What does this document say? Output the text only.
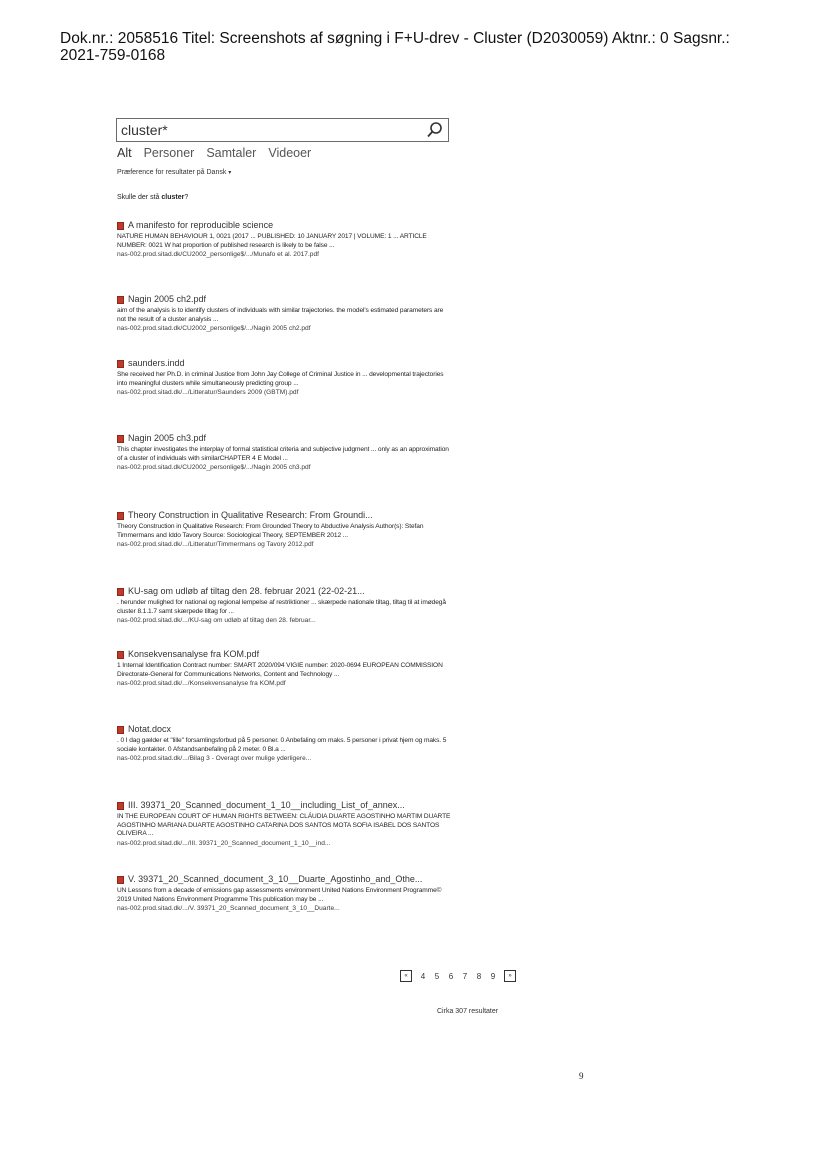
Dok.nr.: 2058516 Titel: Screenshots af søgning i F+U-drev - Cluster (D2030059) Aktnr.: 0 Sagsnr.:
2021-759-0168
cluster*
Alt Personer Samtaler Videoer
Præference for resultater på Dansk ▾
Skulle der stå cluster?
A manifesto for reproducible science
NATURE HUMAN BEHAVIOUR 1, 0021 (2017 ... PUBLISHED: 10 JANUARY 2017 | VOLUME: 1 ... ARTICLE NUMBER: 0021 W hat proportion of published research is likely to be false ...
nas-002.prod.sitad.dk/CU2002_personlige$/.../Munafo et al. 2017.pdf
Nagin 2005 ch2.pdf
aim of the analysis is to identify clusters of individuals with similar trajectories. the model's estimated parameters are not the result of a cluster analysis ...
nas-002.prod.sitad.dk/CU2002_personlige$/.../Nagin 2005 ch2.pdf
saunders.indd
She received her Ph.D. in criminal Justice from John Jay College of Criminal Justice in ... developmental trajectories into meaningful clusters while simultaneously predicting group ...
nas-002.prod.sitad.dk/.../Litteratur/Saunders 2009 (GBTM).pdf
Nagin 2005 ch3.pdf
This chapter investigates the interplay of formal statistical criteria and subjective judgment ... only as an approximation of a cluster of individuals with similarCHAPTER 4 E Model ...
nas-002.prod.sitad.dk/CU2002_personlige$/.../Nagin 2005 ch3.pdf
Theory Construction in Qualitative Research: From Groundi...
Theory Construction in Qualitative Research: From Grounded Theory to Abductive Analysis Author(s): Stefan Timmermans and Iddo Tavory Source: Sociological Theory, SEPTEMBER 2012 ...
nas-002.prod.sitad.dk/.../Litteratur/Timmermans og Tavory 2012.pdf
KU-sag om udløb af tiltag den 28. februar 2021 (22-02-21...
. herunder mulighed for national og regional lempelse af restriktioner ... skærpede nationale tiltag, tiltag til at imødegå cluster 8.1.1.7 samt skærpede tiltag for ...
nas-002.prod.sitad.dk/.../KU-sag om udløb af tiltag den 28. februar...
Konsekvensanalyse fra KOM.pdf
1 Internal Identification Contract number: SMART 2020/094 VIGIE number: 2020-0694 EUROPEAN COMMISSION Directorate-General for Communications Networks, Content and Technology ...
nas-002.prod.sitad.dk/.../Konsekvensanalyse fra KOM.pdf
Notat.docx
. 0 I dag gælder et "lille" forsamlingsforbud på 5 personer. 0 Anbefaling om maks. 5 personer i privat hjem og maks. 5 sociale kontakter. 0 Afstandsanbefaling på 2 meter. 0 Bl.a ...
nas-002.prod.sitad.dk/.../Bilag 3 - Overagt over mulige yderligere...
III. 39371_20_Scanned_document_1_10__including_List_of_annex...
IN THE EUROPEAN COURT OF HUMAN RIGHTS BETWEEN: CLÁUDIA DUARTE AGOSTINHO MARTIM DUARTE AGOSTINHO MARIANA DUARTE AGOSTINHO CATARINA DOS SANTOS MOTA SOFIA ISABEL DOS SANTOS OLIVEIRA ...
nas-002.prod.sitad.dk/.../III. 39371_20_Scanned_document_1_10__ind...
V. 39371_20_Scanned_document_3_10__Duarte_Agostinho_and_Othe...
UN Lessons from a decade of emissions gap assessments environment United Nations Environment Programme© 2019 United Nations Environment Programme This publication may be ...
nas-002.prod.sitad.dk/.../V. 39371_20_Scanned_document_3_10__Duarte...
«	4 5 6 7 8 9	»
Cirka 307 resultater
9
